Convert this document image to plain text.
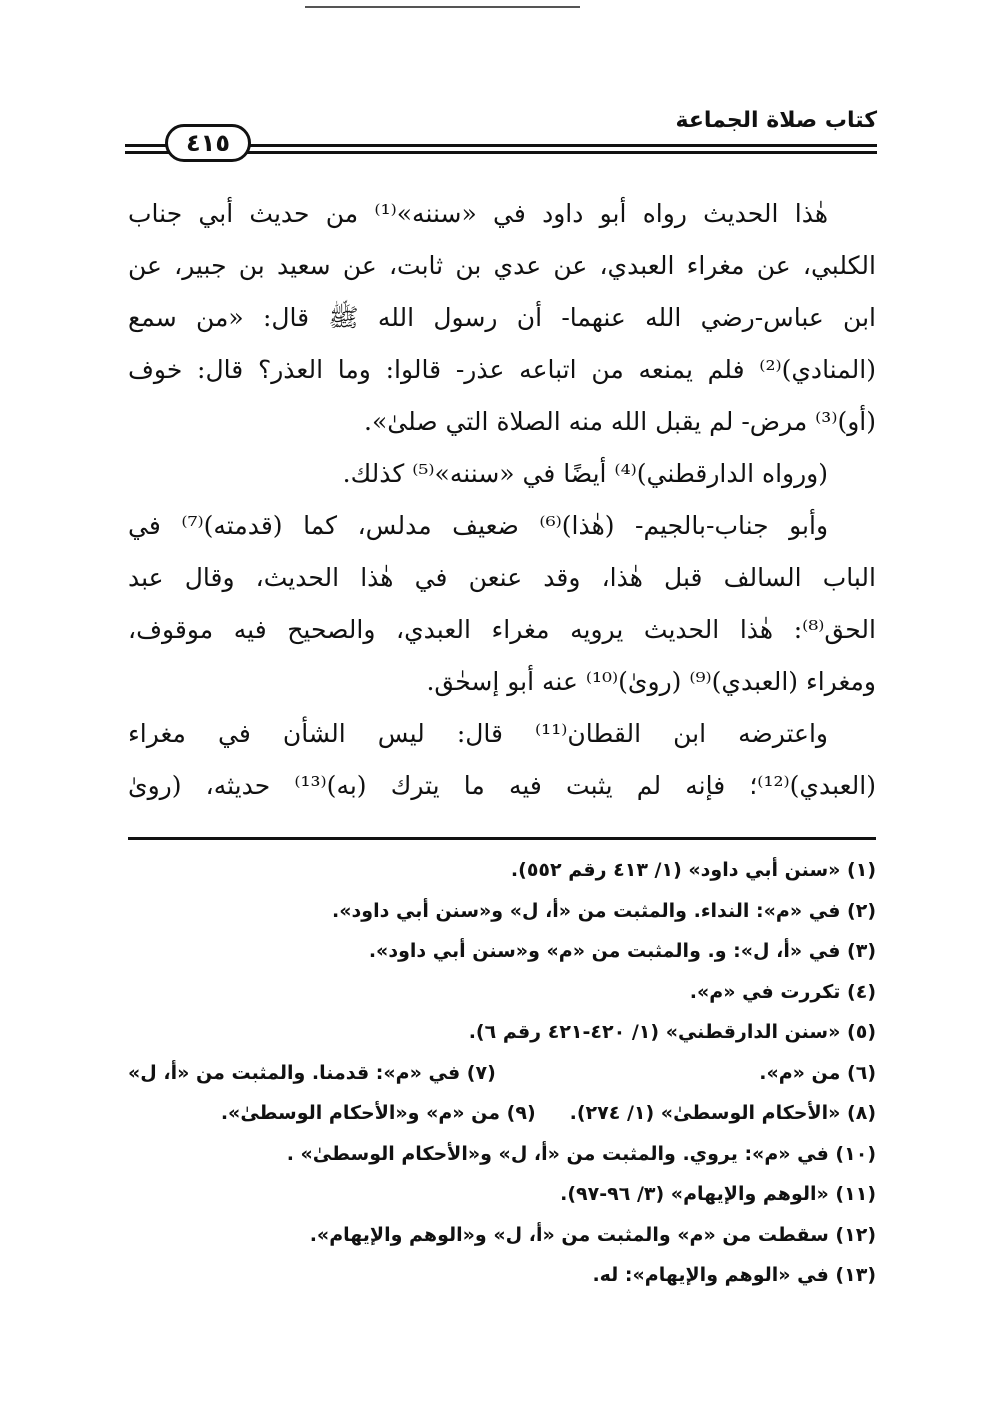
كتاب صلاة الجماعة
٤١٥
هٰذا الحديث رواه أبو داود في «سننه»⁽¹⁾ من حديث أبي جناب
الكلبي، عن مغراء العبدي، عن عدي بن ثابت، عن سعيد بن جبير، عن
ابن عباس-رضي الله عنهما- أن رسول الله ﷺ قال: «من سمع
(المنادي)⁽²⁾ فلم يمنعه من اتباعه عذر- قالوا: وما العذر؟ قال: خوف
(أو)⁽³⁾ مرض- لم يقبل الله منه الصلاة التي صلىٰ».
(ورواه الدارقطني)⁽⁴⁾ أيضًا في «سننه»⁽⁵⁾ كذلك.
وأبو جناب-بالجيم- (هٰذا)⁽⁶⁾ ضعيف مدلس، كما (قدمته)⁽⁷⁾ في
الباب السالف قبل هٰذا، وقد عنعن في هٰذا الحديث، وقال عبد
الحق⁽⁸⁾: هٰذا الحديث يرويه مغراء العبدي، والصحيح فيه موقوف،
ومغراء (العبدي)⁽⁹⁾ (روىٰ)⁽¹⁰⁾ عنه أبو إسحٰق.
واعترضه ابن القطان⁽¹¹⁾ قال: ليس الشأن في مغراء
(العبدي)⁽¹²⁾؛ فإنه لم يثبت فيه ما يترك (به)⁽¹³⁾ حديثه، (روىٰ
(١) «سنن أبي داود» (١/ ٤١٣ رقم ٥٥٢).
(٢) في «م»: النداء. والمثبت من «أ، ل» و«سنن أبي داود».
(٣) في «أ، ل»: و. والمثبت من «م» و«سنن أبي داود».
(٤) تكررت في «م».
(٥) «سنن الدارقطني» (١/ ٤٢٠-٤٢١ رقم ٦).
(٦) من «م».
(٧) في «م»: قدمنا. والمثبت من «أ، ل»
(٨) «الأحكام الوسطىٰ» (١/ ٢٧٤).
(٩) من «م» و«الأحكام الوسطىٰ».
(١٠) في «م»: يروي. والمثبت من «أ، ل» و«الأحكام الوسطىٰ» .
(١١) «الوهم والإيهام» (٣/ ٩٦-٩٧).
(١٢) سقطت من «م» والمثبت من «أ، ل» و«الوهم والإيهام».
(١٣) في «الوهم والإيهام»: له.
